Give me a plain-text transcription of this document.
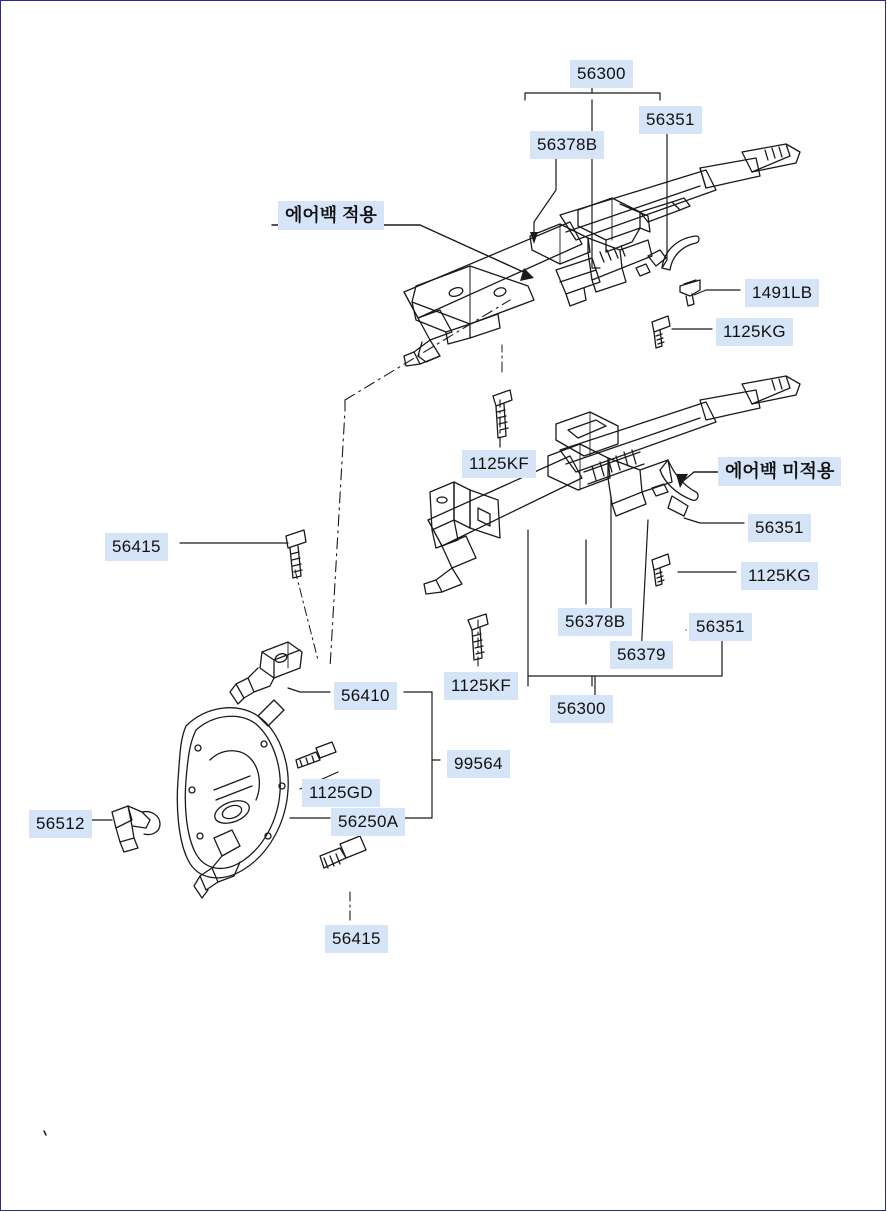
56300
56351
56378B
에어백 적용
1491LB
1125KG
1125KF	에어백 미적용
56351
1125KG
56415
56378B	56351
56379
56300
56410
1125KF
99564
1125GD
56250A
56512
56415
